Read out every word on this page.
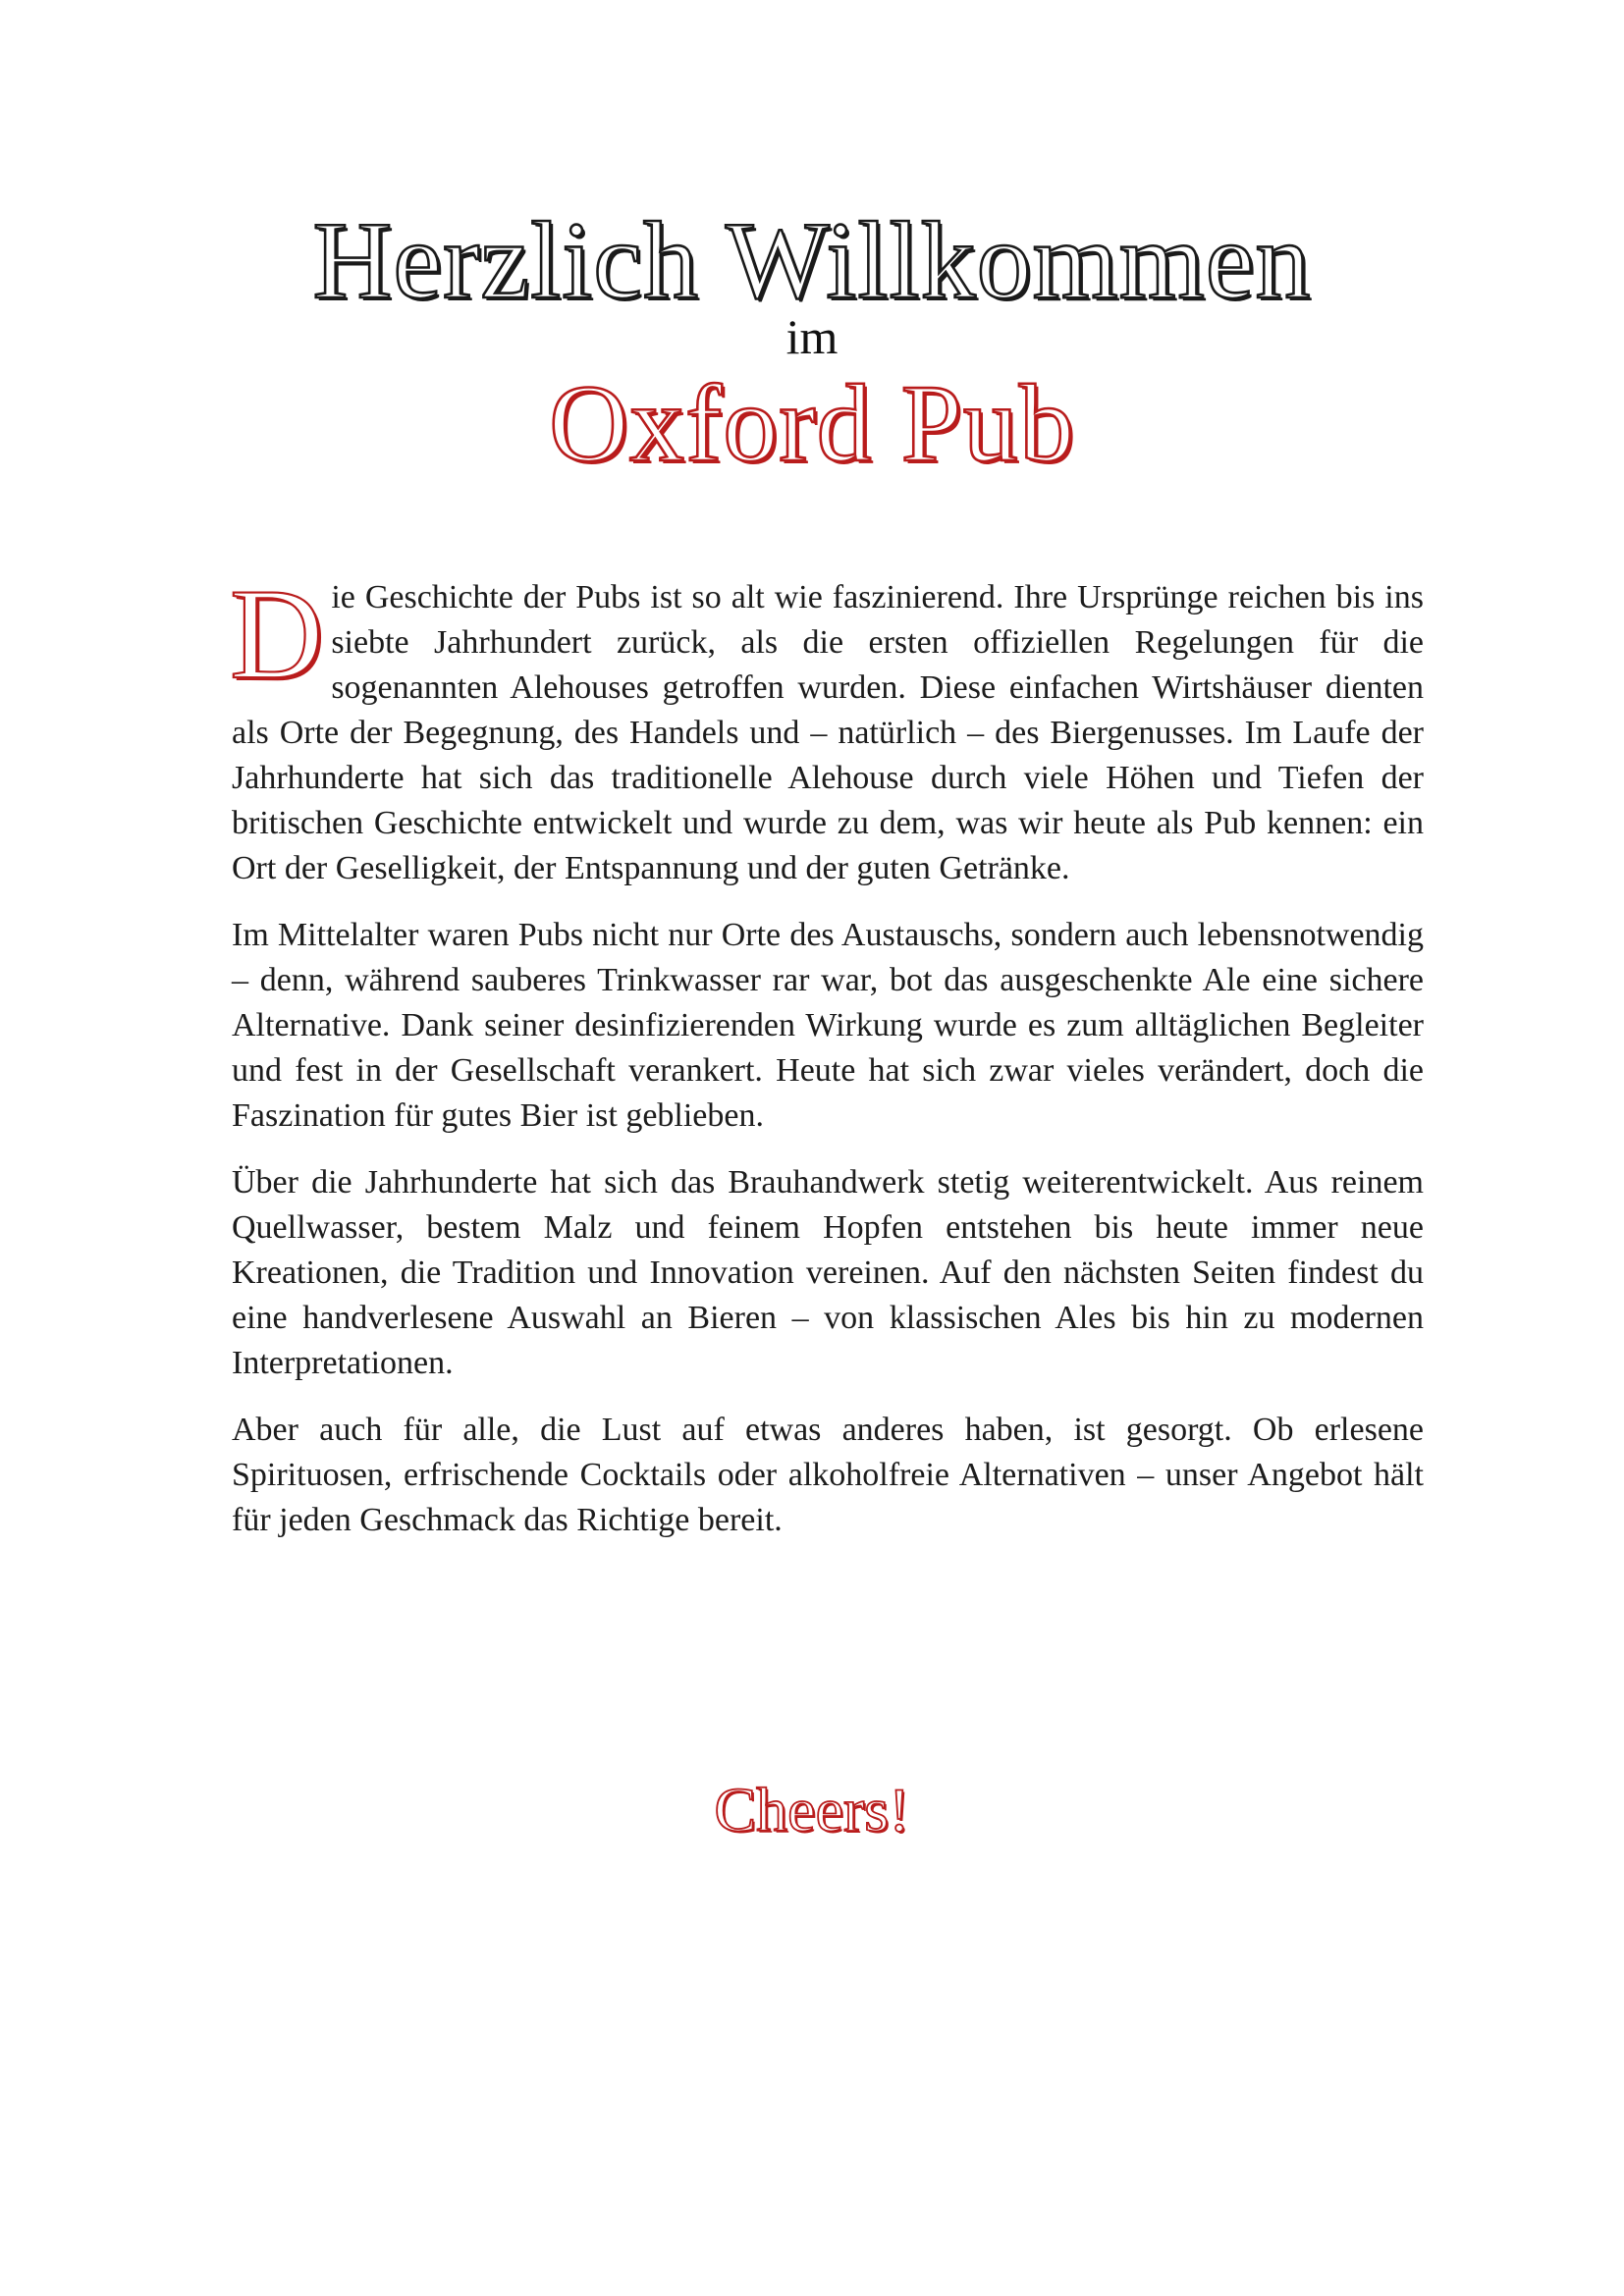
Herzlich Willkommen
im
Oxford Pub

Die Geschichte der Pubs ist so alt wie faszinierend. Ihre Ursprünge reichen bis ins siebte Jahrhundert zurück, als die ersten offiziellen Regelungen für die sogenannten Alehouses getroffen wurden. Diese einfachen Wirtshäuser dienten als Orte der Begegnung, des Handels und – natürlich – des Biergenusses. Im Laufe der Jahrhunderte hat sich das traditionelle Alehouse durch viele Höhen und Tiefen der britischen Geschichte entwickelt und wurde zu dem, was wir heute als Pub kennen: ein Ort der Geselligkeit, der Entspannung und der guten Getränke.

Im Mittelalter waren Pubs nicht nur Orte des Austauschs, sondern auch lebensnotwendig – denn, während sauberes Trinkwasser rar war, bot das ausgeschenkte Ale eine sichere Alternative. Dank seiner desinfizierenden Wirkung wurde es zum alltäglichen Begleiter und fest in der Gesellschaft verankert. Heute hat sich zwar vieles verändert, doch die Faszination für gutes Bier ist geblieben.

Über die Jahrhunderte hat sich das Brauhandwerk stetig weiterentwickelt. Aus reinem Quellwasser, bestem Malz und feinem Hopfen entstehen bis heute immer neue Kreationen, die Tradition und Innovation vereinen. Auf den nächsten Seiten findest du eine handverlesene Auswahl an Bieren – von klassischen Ales bis hin zu modernen Interpretationen.

Aber auch für alle, die Lust auf etwas anderes haben, ist gesorgt. Ob erlesene Spirituosen, erfrischende Cocktails oder alkoholfreie Alternativen – unser Angebot hält für jeden Geschmack das Richtige bereit.

Cheers!
